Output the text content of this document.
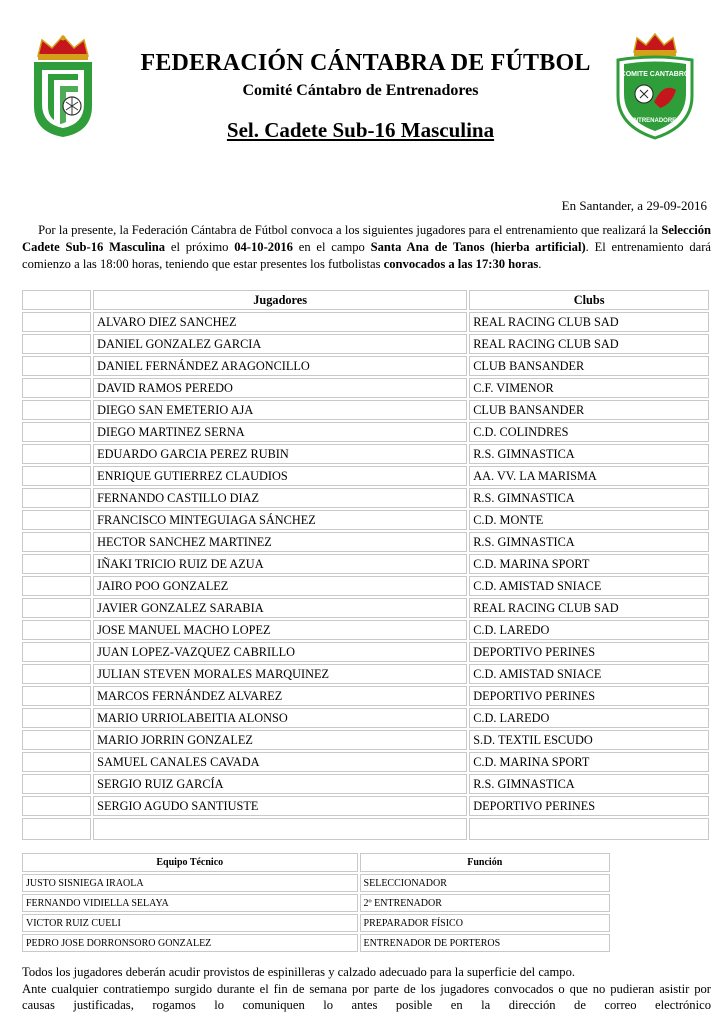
COMITE CANTABRO
ENTRENADORES
FEDERACIÓN CÁNTABRA DE FÚTBOL
Comité Cántabro de Entrenadores
Sel. Cadete Sub-16 Masculina
En Santander, a 29-09-2016
Por la presente, la Federación Cántabra de Fútbol convoca a los siguientes jugadores para el entrenamiento que realizará la Selección Cadete Sub-16 Masculina el próximo 04-10-2016 en el campo Santa Ana de Tanos (hierba artificial). El entrenamiento dará comienzo a las 18:00 horas, teniendo que estar presentes los futbolistas convocados a las 17:30 horas.
	Jugadores	Clubs
	ALVARO DIEZ SANCHEZ	REAL RACING CLUB SAD
	DANIEL GONZALEZ GARCIA	REAL RACING CLUB SAD
	DANIEL FERNÁNDEZ ARAGONCILLO	CLUB BANSANDER
	DAVID RAMOS PEREDO	C.F. VIMENOR
	DIEGO SAN EMETERIO AJA	CLUB BANSANDER
	DIEGO MARTINEZ SERNA	C.D. COLINDRES
	EDUARDO GARCIA PEREZ RUBIN	R.S. GIMNASTICA
	ENRIQUE GUTIERREZ CLAUDIOS	AA. VV. LA MARISMA
	FERNANDO CASTILLO DIAZ	R.S. GIMNASTICA
	FRANCISCO MINTEGUIAGA SÁNCHEZ	C.D. MONTE
	HECTOR SANCHEZ MARTINEZ	R.S. GIMNASTICA
	IÑAKI TRICIO RUIZ DE AZUA	C.D. MARINA SPORT
	JAIRO POO GONZALEZ	C.D. AMISTAD SNIACE
	JAVIER GONZALEZ SARABIA	REAL RACING CLUB SAD
	JOSE MANUEL MACHO LOPEZ	C.D. LAREDO
	JUAN LOPEZ-VAZQUEZ CABRILLO	DEPORTIVO PERINES
	JULIAN STEVEN MORALES MARQUINEZ	C.D. AMISTAD SNIACE
	MARCOS FERNÁNDEZ ALVAREZ	DEPORTIVO PERINES
	MARIO URRIOLABEITIA ALONSO	C.D. LAREDO
	MARIO JORRIN GONZALEZ	S.D. TEXTIL ESCUDO
	SAMUEL CANALES CAVADA	C.D. MARINA SPORT
	SERGIO RUIZ GARCÍA	R.S. GIMNASTICA
	SERGIO AGUDO SANTIUSTE	DEPORTIVO PERINES

Equipo Técnico	Función
JUSTO SISNIEGA IRAOLA	SELECCIONADOR
FERNANDO VIDIELLA SELAYA	2º ENTRENADOR
VICTOR RUIZ CUELI	PREPARADOR FÍSICO
PEDRO JOSE DORRONSORO GONZALEZ	ENTRENADOR DE PORTEROS

Todos los jugadores deberán acudir provistos de espinilleras y calzado adecuado para la superficie del campo.

Ante cualquier contratiempo surgido durante el fin de semana por parte de los jugadores convocados o que no pudieran asistir por causas justificadas, rogamos lo comuniquen lo antes posible en la dirección de correo electrónico
